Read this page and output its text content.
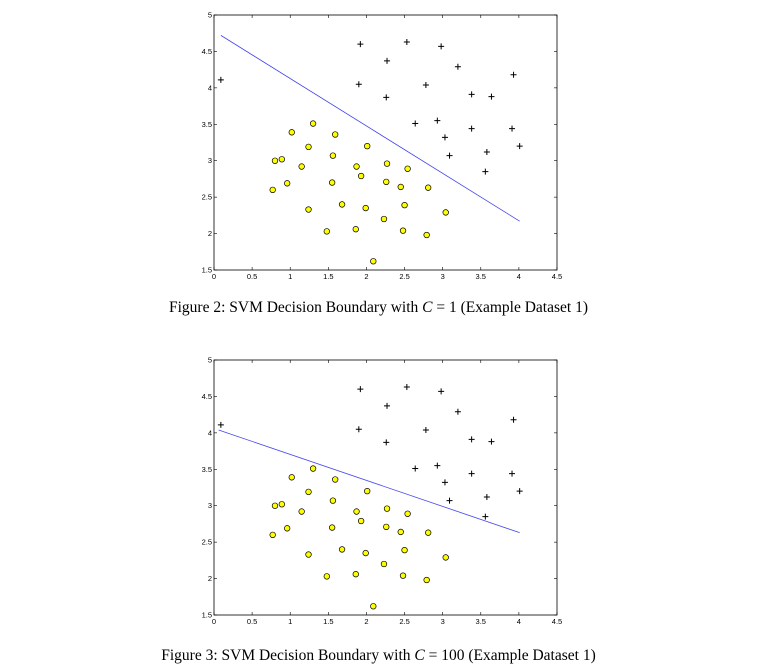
0	0.5	1	1.5	2	2.5	3	3.5	4	4.5
1.5
2
2.5
3
3.5
4
4.5
5
Figure 2: SVM Decision Boundary with C = 1 (Example Dataset 1)
0	0.5	1	1.5	2	2.5	3	3.5	4	4.5
1.5
2
2.5
3
3.5
4
4.5
5
Figure 3: SVM Decision Boundary with C = 100 (Example Dataset 1)
